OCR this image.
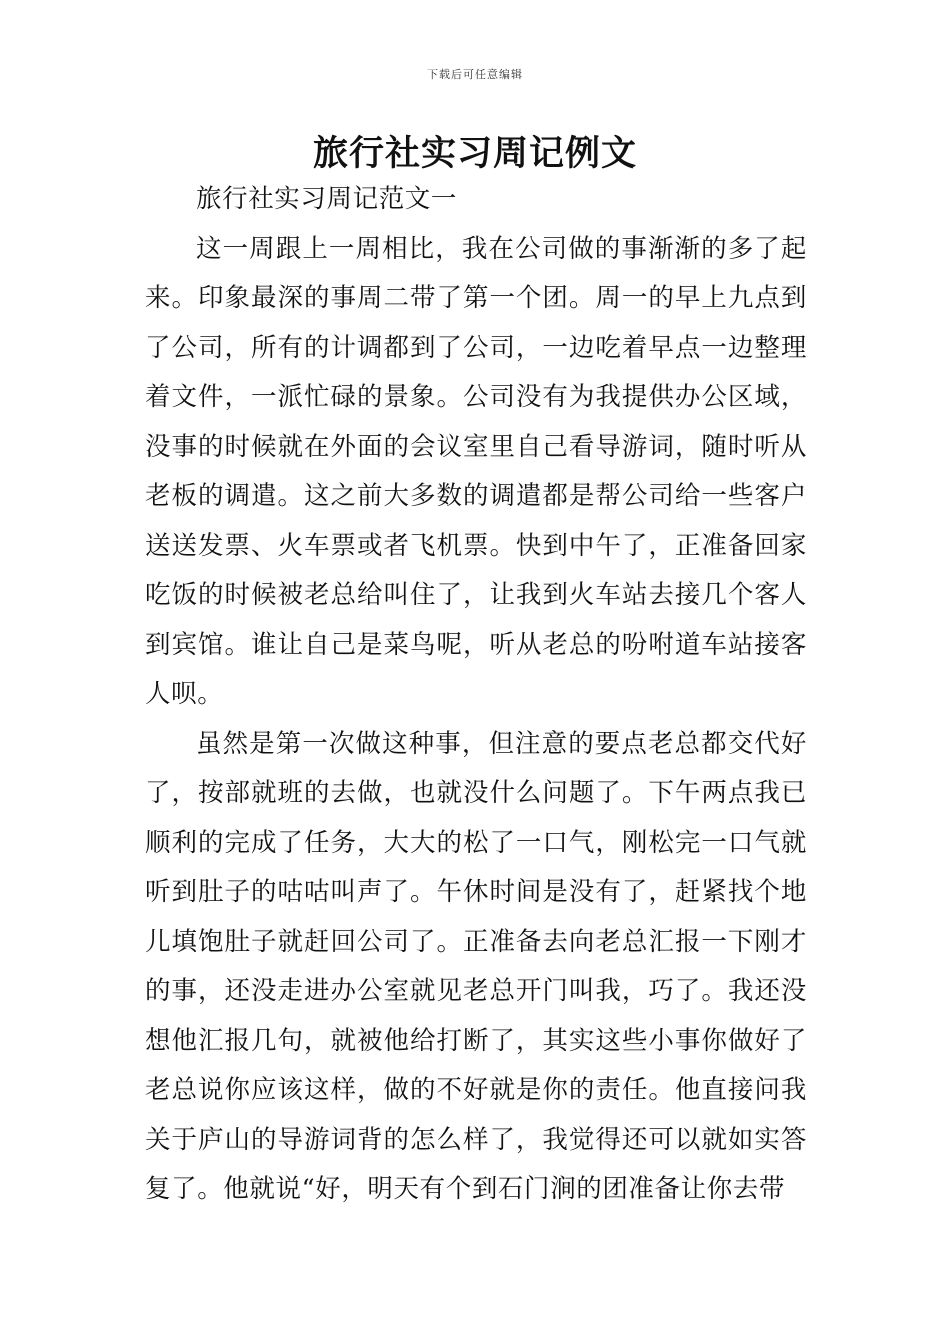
下载后可任意编辑
旅行社实习周记例文

旅行社实习周记范文一

这一周跟上一周相比，我在公司做的事渐渐的多了起来。印象最深的事周二带了第一个团。周一的早上九点到了公司，所有的计调都到了公司，一边吃着早点一边整理着文件，一派忙碌的景象。公司没有为我提供办公区域，没事的时候就在外面的会议室里自己看导游词，随时听从老板的调遣。这之前大多数的调遣都是帮公司给一些客户送送发票、火车票或者飞机票。快到中午了，正准备回家吃饭的时候被老总给叫住了，让我到火车站去接几个客人到宾馆。谁让自己是菜鸟呢，听从老总的吩咐道车站接客人呗。

虽然是第一次做这种事，但注意的要点老总都交代好了，按部就班的去做，也就没什么问题了。下午两点我已顺利的完成了任务，大大的松了一口气，刚松完一口气就听到肚子的咕咕叫声了。午休时间是没有了，赶紧找个地儿填饱肚子就赶回公司了。正准备去向老总汇报一下刚才的事，还没走进办公室就见老总开门叫我，巧了。我还没想他汇报几句，就被他给打断了，其实这些小事你做好了老总说你应该这样，做的不好就是你的责任。他直接问我关于庐山的导游词背的怎么样了，我觉得还可以就如实答复了。他就说“好，明天有个到石门涧的团准备让你去带
